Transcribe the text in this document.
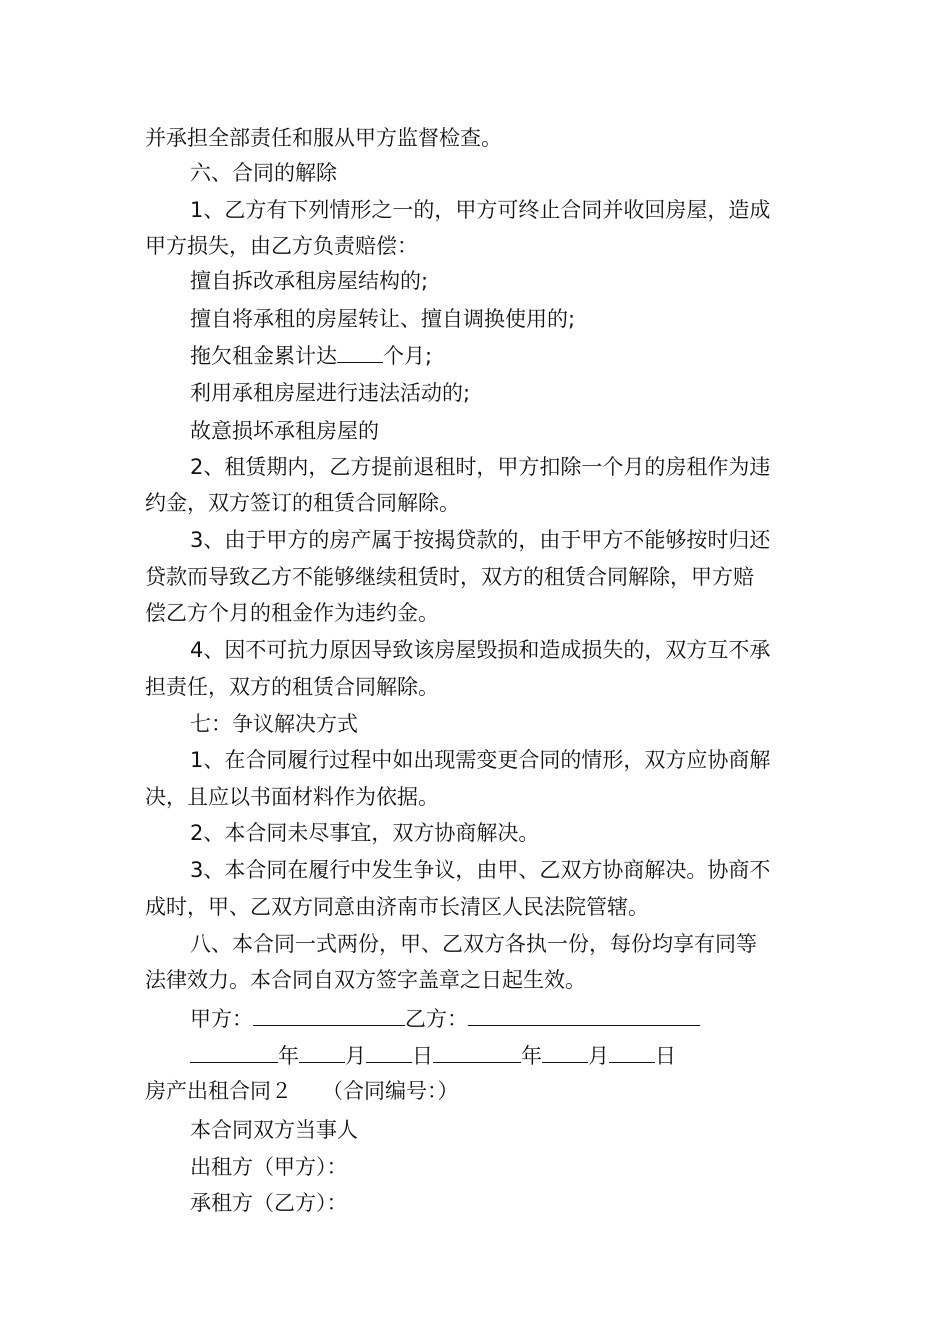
并承担全部责任和服从甲方监督检查。
六、合同的解除
1、乙方有下列情形之一的，甲方可终止合同并收回房屋，造成
甲方损失，由乙方负责赔偿：
擅自拆改承租房屋结构的;
擅自将承租的房屋转让、擅自调换使用的;
拖欠租金累计达 个月;
利用承租房屋进行违法活动的;
故意损坏承租房屋的
2、租赁期内，乙方提前退租时，甲方扣除一个月的房租作为违
约金，双方签订的租赁合同解除。
3、由于甲方的房产属于按揭贷款的，由于甲方不能够按时归还
贷款而导致乙方不能够继续租赁时，双方的租赁合同解除，甲方赔
偿乙方个月的租金作为违约金。
4、因不可抗力原因导致该房屋毁损和造成损失的，双方互不承
担责任，双方的租赁合同解除。
七：争议解决方式
1、在合同履行过程中如出现需变更合同的情形，双方应协商解
决，且应以书面材料作为依据。
2、本合同未尽事宜，双方协商解决。
3、本合同在履行中发生争议，由甲、乙双方协商解决。协商不
成时，甲、乙双方同意由济南市长清区人民法院管辖。
八、本合同一式两份，甲、乙双方各执一份，每份均享有同等
法律效力。本合同自双方签字盖章之日起生效。
甲方：	乙方：
年 月 日	年 月 日
房产出租合同２ （合同编号：）
本合同双方当事人
出租方（甲方）：
承租方（乙方）：
